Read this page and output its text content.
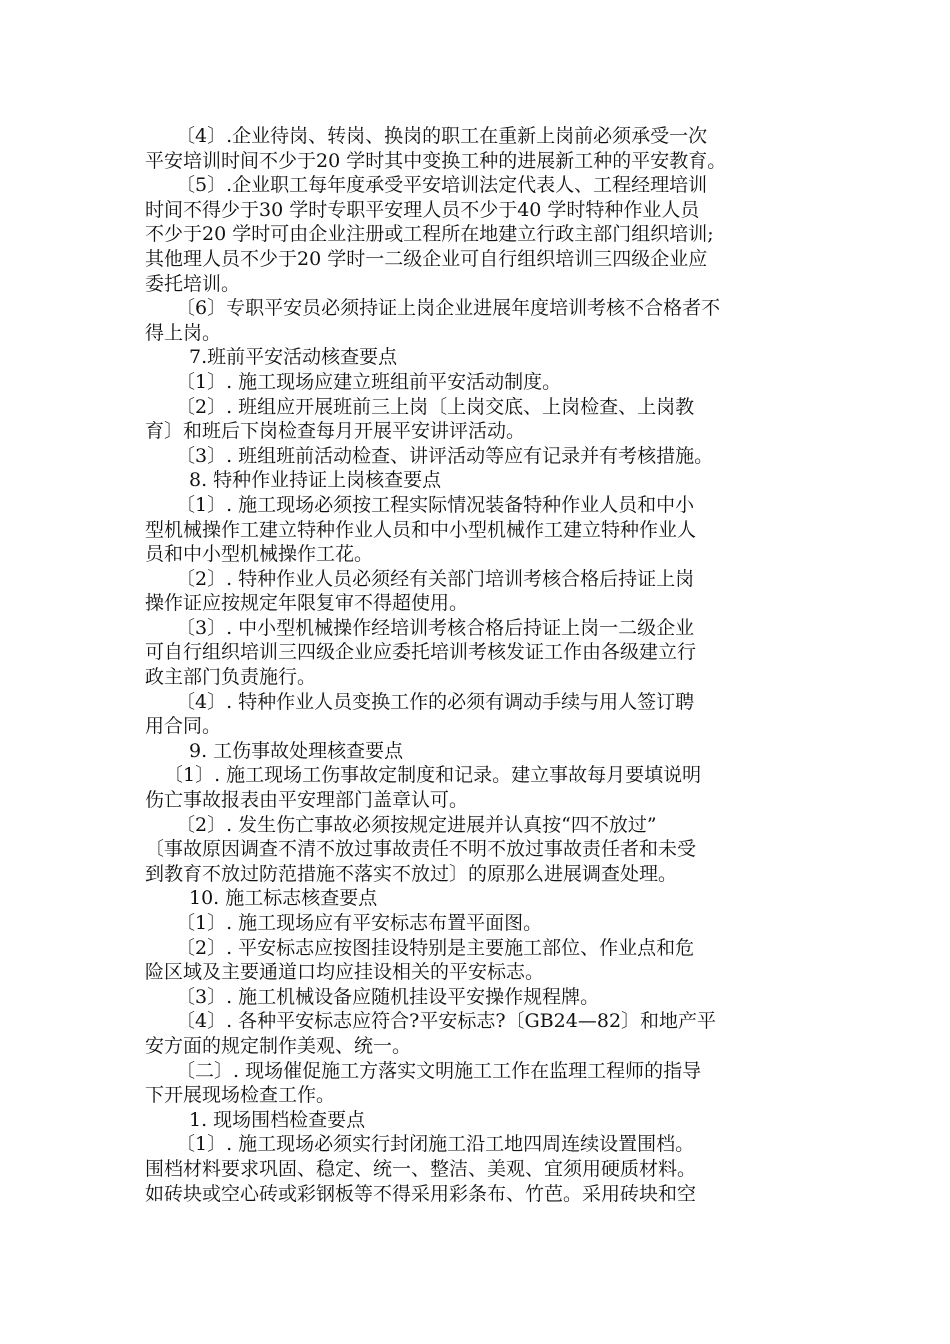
〔4〕.企业待岗、转岗、换岗的职工在重新上岗前必须承受一次
平安培训时间不少于20 学时其中变换工种的进展新工种的平安教育。
〔5〕.企业职工每年度承受平安培训法定代表人、工程经理培训
时间不得少于30 学时专职平安理人员不少于40 学时特种作业人员
不少于20 学时可由企业注册或工程所在地建立行政主部门组织培训;
其他理人员不少于20 学时一二级企业可自行组织培训三四级企业应
委托培训。
〔6〕专职平安员必须持证上岗企业进展年度培训考核不合格者不
得上岗。
7.班前平安活动核查要点
〔1〕. 施工现场应建立班组前平安活动制度。
〔2〕. 班组应开展班前三上岗〔上岗交底、上岗检查、上岗教
育〕和班后下岗检查每月开展平安讲评活动。
〔3〕. 班组班前活动检查、讲评活动等应有记录并有考核措施。
8. 特种作业持证上岗核查要点
〔1〕. 施工现场必须按工程实际情况装备特种作业人员和中小
型机械操作工建立特种作业人员和中小型机械作工建立特种作业人
员和中小型机械操作工花。
〔2〕. 特种作业人员必须经有关部门培训考核合格后持证上岗
操作证应按规定年限复审不得超使用。
〔3〕. 中小型机械操作经培训考核合格后持证上岗一二级企业
可自行组织培训三四级企业应委托培训考核发证工作由各级建立行
政主部门负责施行。
〔4〕. 特种作业人员变换工作的必须有调动手续与用人签订聘
用合同。
9. 工伤事故处理核查要点
〔1〕. 施工现场工伤事故定制度和记录。建立事故每月要填说明
伤亡事故报表由平安理部门盖章认可。
〔2〕. 发生伤亡事故必须按规定进展并认真按“四不放过”
〔事故原因调查不清不放过事故责任不明不放过事故责任者和未受
到教育不放过防范措施不落实不放过〕的原那么进展调查处理。
10. 施工标志核查要点
〔1〕. 施工现场应有平安标志布置平面图。
〔2〕. 平安标志应按图挂设特别是主要施工部位、作业点和危
险区域及主要通道口均应挂设相关的平安标志。
〔3〕. 施工机械设备应随机挂设平安操作规程牌。
〔4〕. 各种平安标志应符合?平安标志?〔GB24—82〕和地产平
安方面的规定制作美观、统一。
〔二〕. 现场催促施工方落实文明施工工作在监理工程师的指导
下开展现场检查工作。
1. 现场围档检查要点
〔1〕. 施工现场必须实行封闭施工沿工地四周连续设置围档。
围档材料要求巩固、稳定、统一、整洁、美观、宜须用硬质材料。
如砖块或空心砖或彩钢板等不得采用彩条布、竹芭。采用砖块和空
